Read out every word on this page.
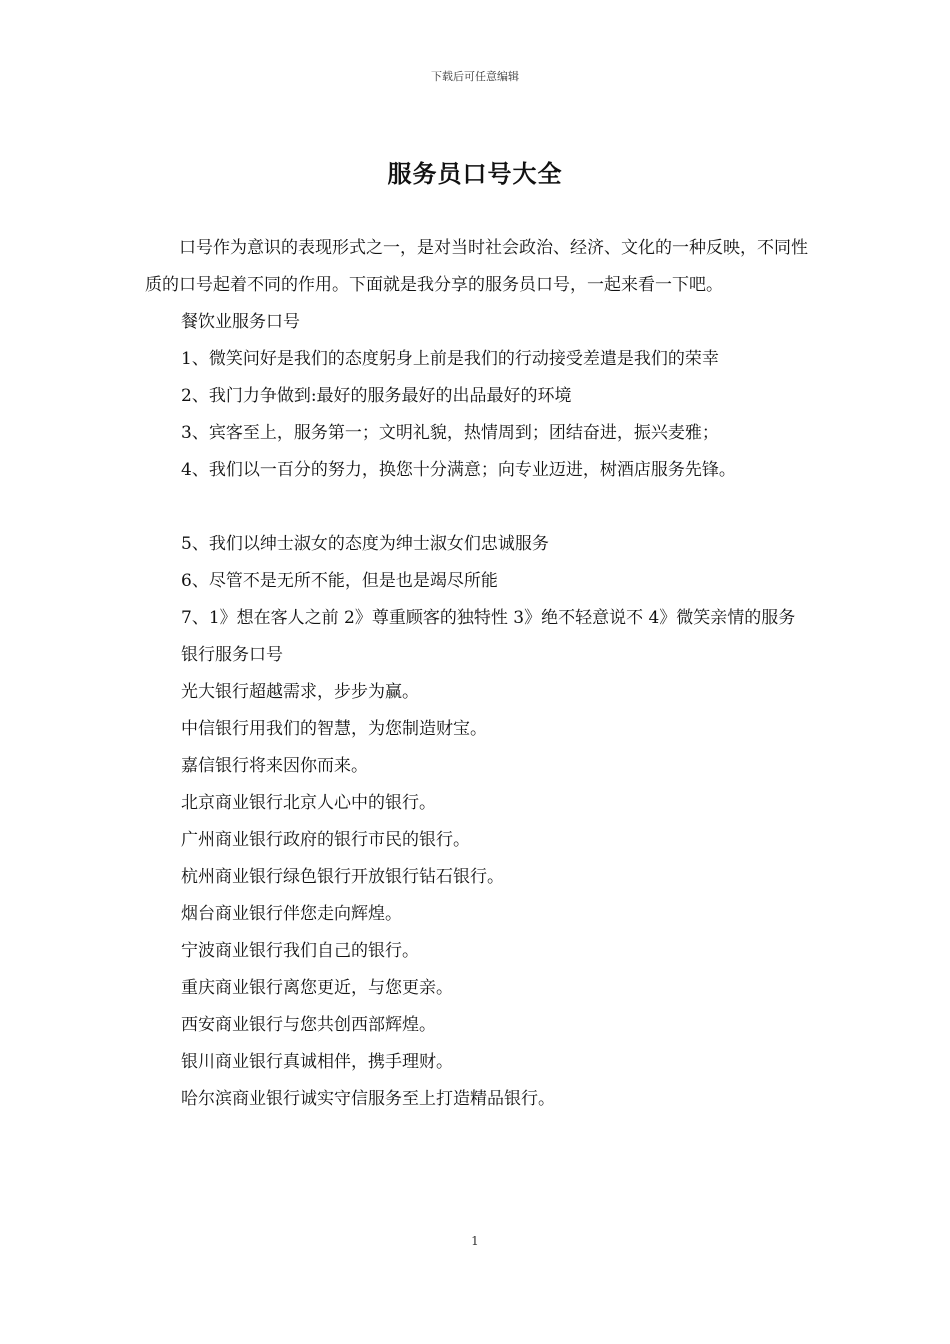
下载后可任意编辑
服务员口号大全

口号作为意识的表现形式之一，是对当时社会政治、经济、文化的一种反映，不同性质的口号起着不同的作用。下面就是我分享的服务员口号，一起来看一下吧。

餐饮业服务口号

1、微笑问好是我们的态度躬身上前是我们的行动接受差遣是我们的荣幸

2、我门力争做到:最好的服务最好的出品最好的环境

3、宾客至上，服务第一；文明礼貌，热情周到；团结奋进，振兴麦雅；

4、我们以一百分的努力，换您十分满意；向专业迈进，树酒店服务先锋。

5、我们以绅士淑女的态度为绅士淑女们忠诚服务

6、尽管不是无所不能，但是也是竭尽所能

7、1》想在客人之前 2》尊重顾客的独特性 3》绝不轻意说不 4》微笑亲情的服务

银行服务口号

光大银行超越需求，步步为赢。

中信银行用我们的智慧，为您制造财宝。

嘉信银行将来因你而来。

北京商业银行北京人心中的银行。

广州商业银行政府的银行市民的银行。

杭州商业银行绿色银行开放银行钻石银行。

烟台商业银行伴您走向辉煌。

宁波商业银行我们自己的银行。

重庆商业银行离您更近，与您更亲。

西安商业银行与您共创西部辉煌。

银川商业银行真诚相伴，携手理财。

哈尔滨商业银行诚实守信服务至上打造精品银行。

1
